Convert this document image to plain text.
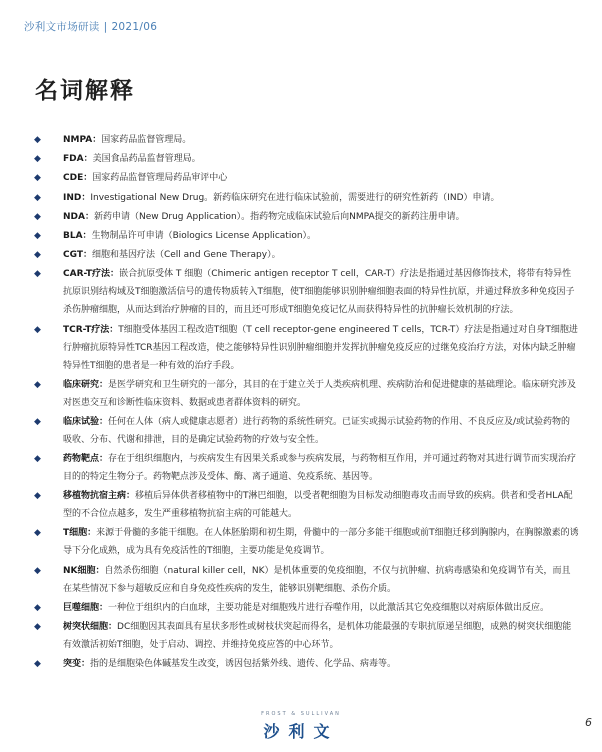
沙利文市场研读 | 2021/06
名词解释
◆ NMPA：国家药品监督管理局。
◆ FDA：美国食品药品监督管理局。
◆ CDE：国家药品监督管理局药品审评中心
◆ IND：Investigational New Drug。新药临床研究在进行临床试验前，需要进行的研究性新药（IND）申请。
◆ NDA：新药申请（New Drug Application）。指药物完成临床试验后向NMPA提交的新药注册申请。
◆ BLA：生物制品许可申请（Biologics License Application）。
◆ CGT：细胞和基因疗法（Cell and Gene Therapy）。
◆ CAR-T疗法：嵌合抗原受体 T 细胞（Chimeric antigen receptor T cell，CAR-T）疗法是指通过基因修饰技术，将带有特异性抗原识别结构域及T细胞激活信号的遗传物质转入T细胞，使T细胞能够识别肿瘤细胞表面的特异性抗原，并通过释放多种免疫因子杀伤肿瘤细胞，从而达到治疗肿瘤的目的，而且还可形成T细胞免疫记忆从而获得特异性的抗肿瘤长效机制的疗法。
◆ TCR-T疗法：T细胞受体基因工程改造T细胞（T cell receptor-gene engineered T cells，TCR-T）疗法是指通过对自身T细胞进行肿瘤抗原特异性TCR基因工程改造，使之能够特异性识别肿瘤细胞并发挥抗肿瘤免疫反应的过继免疫治疗方法，对体内缺乏肿瘤特异性T细胞的患者是一种有效的治疗手段。
◆ 临床研究：是医学研究和卫生研究的一部分，其目的在于建立关于人类疾病机理、疾病防治和促进健康的基础理论。临床研究涉及对医患交互和诊断性临床资料、数据或患者群体资料的研究。
◆ 临床试验：任何在人体（病人或健康志愿者）进行药物的系统性研究。已证实或揭示试验药物的作用、不良反应及/或试验药物的吸收、分布、代谢和排泄，目的是确定试验药物的疗效与安全性。
◆ 药物靶点：存在于组织细胞内，与疾病发生有因果关系或参与疾病发展，与药物相互作用，并可通过药物对其进行调节而实现治疗目的的特定生物分子。药物靶点涉及受体、酶、离子通道、免疫系统、基因等。
◆ 移植物抗宿主病：移植后异体供者移植物中的T淋巴细胞，以受者靶细胞为目标发动细胞毒攻击而导致的疾病。供者和受者HLA配型的不合位点越多，发生严重移植物抗宿主病的可能越大。
◆ T细胞：来源于骨髓的多能干细胞。在人体胚胎期和初生期，骨髓中的一部分多能干细胞或前T细胞迁移到胸腺内，在胸腺激素的诱导下分化成熟，成为具有免疫活性的T细胞，主要功能是免疫调节。
◆ NK细胞：自然杀伤细胞（natural killer cell，NK）是机体重要的免疫细胞，不仅与抗肿瘤、抗病毒感染和免疫调节有关，而且在某些情况下参与超敏反应和自身免疫性疾病的发生，能够识别靶细胞、杀伤介质。
◆ 巨噬细胞：一种位于组织内的白血球，主要功能是对细胞残片进行吞噬作用，以此激活其它免疫细胞以对病原体做出反应。
◆ 树突状细胞：DC细胞因其表面具有星状多形性或树枝状突起而得名，是机体功能最强的专职抗原递呈细胞，成熟的树突状细胞能有效激活初始T细胞，处于启动、调控、并维持免疫应答的中心环节。
◆ 突变：指的是细胞染色体碱基发生改变，诱因包括紫外线、遗传、化学品、病毒等。
FROST & SULLIVAN
沙利文	6
